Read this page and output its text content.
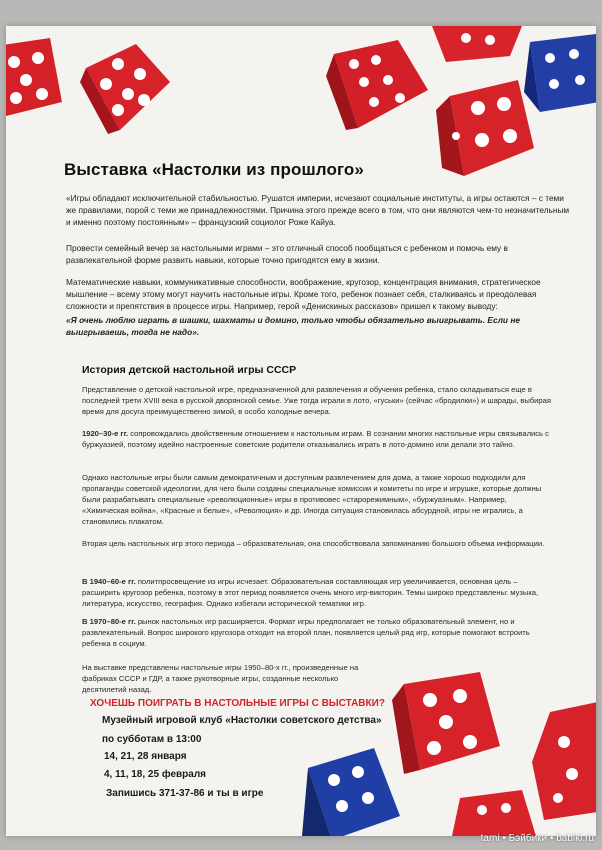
Выставка «Настолки из прошлого»
«Игры обладают исключительной стабильностью. Рушатся империи, исчезают социальные институты, а игры остаются – с теми же правилами, порой с теми же принадлежностями. Причина этого прежде всего в том, что они являются чем-то незначительным и именно поэтому постоянным» – французский социолог Роже Кайуа.
Провести семейный вечер за настольными играми – это отличный способ пообщаться с ребенком и помочь ему в развлекательной форме развить навыки, которые точно пригодятся ему в жизни.
Математические навыки, коммуникативные способности, воображение, кругозор, концентрация внимания, стратегическое мышление – всему этому могут научить настольные игры. Кроме того, ребенок познает себя, сталкиваясь и преодолевая сложности и препятствия в процессе игры. Например, герой «Денискиных рассказов» пришел к такому выводу:
«Я очень люблю играть в шашки, шахматы и домино, только чтобы обязательно выигрывать. Если не выигрываешь, тогда не надо».
История детской настольной игры СССР
Представление о детской настольной игре, предназначенной для развлечения и обучения ребенка, стало складываться еще в последней трети XVIII века в русской дворянской семье. Уже тогда играли в лото, «гуськи» (сейчас «бродилки») и шарады, выбирая время для досуга преимущественно зимой, в особо холодные вечера.
1920–30-е гг. сопровождались двойственным отношением к настольным играм. В сознании многих настольные игры связывались с буржуазией, поэтому идейно настроенные советские родители отказывались играть в лото-домино или делали это тайно.
Однако настольные игры были самым демократичным и доступным развлечением для дома, а также хорошо подходили для пропаганды советской идеологии, для чего были созданы специальные комиссии и комитеты по игре и игрушке, которые должны были разрабатывать специальные «революционные» игры в противовес «старорежимным», «буржуазным». Например, «Химическая война», «Красные и белые», «Революция» и др. Иногда ситуация становилась абсурдной, игры не игрались, а становились плакатом.
Вторая цель настольных игр этого периода – образовательная, она способствовала запоминанию большого объема информации.
В 1940–60-е гг. политпросвещение из игры исчезает. Образовательная составляющая игр увеличивается, основная цель – расширить кругозор ребенка, поэтому в этот период появляется очень много игр-викторин. Темы широко представлены: музыка, литература, искусство, география. Однако избегали исторической тематики игр.
В 1970–80-е гг. рынок настольных игр расширяется. Формат игры предполагает не только образовательный элемент, но и развлекательный. Вопрос широкого кругозора отходит на второй план, появляется целый ряд игр, которые помогают встроить ребенка в социум.
На выставке представлены настольные игры 1950–80-х гг., произведенные на фабриках СССР и ГДР, а также рукотворные игры, созданные несколько десятилетий назад.
ХОЧЕШЬ ПОИГРАТЬ В НАСТОЛЬНЫЕ ИГРЫ С ВЫСТАВКИ?
Музейный игровой клуб «Настолки советского детства»
по субботам в 13:00
14, 21, 28 января
4, 11, 18, 25 февраля
Запишись 371-37-86 и ты в игре
tami • Бэйбики • babiki.ru
